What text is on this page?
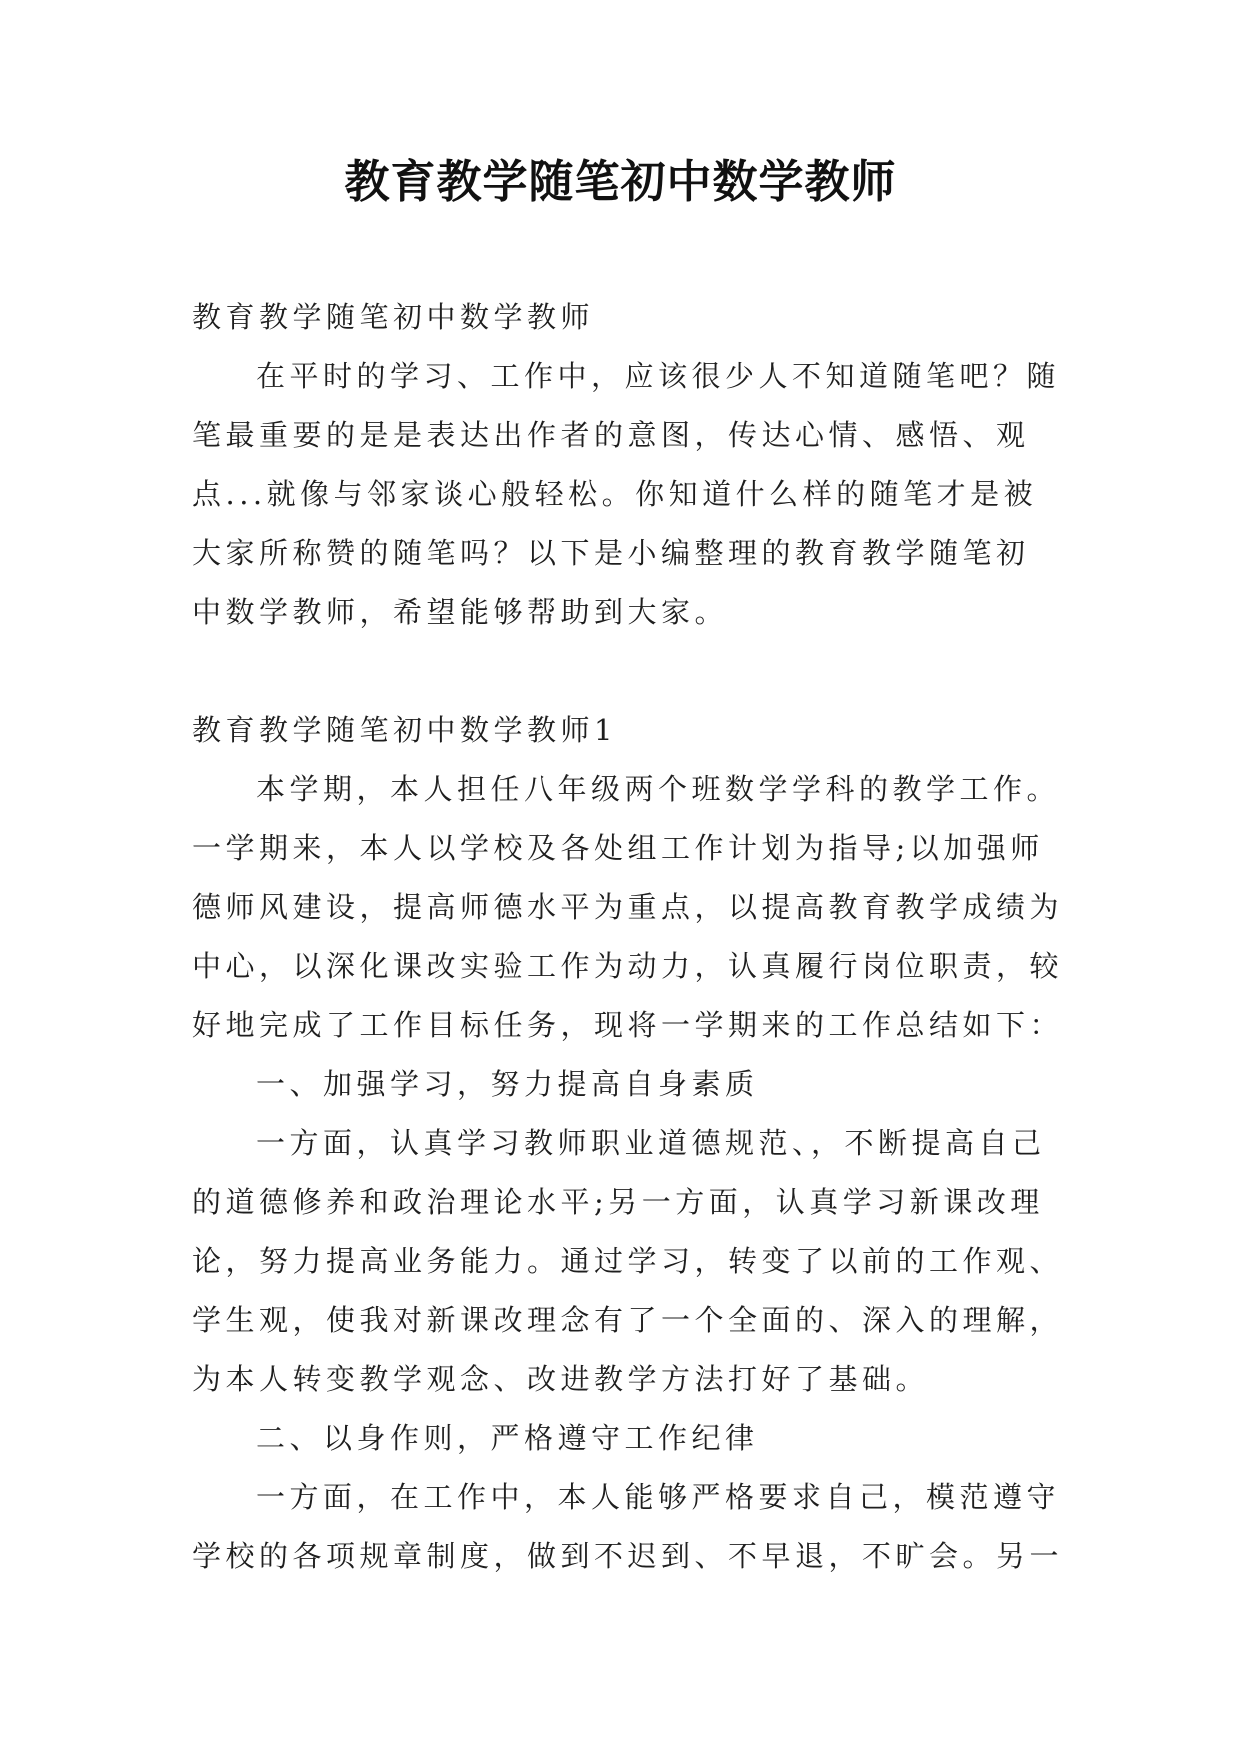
教育教学随笔初中数学教师

教育教学随笔初中数学教师

在平时的学习、工作中，应该很少人不知道随笔吧？随

笔最重要的是是表达出作者的意图，传达心情、感悟、观

点...就像与邻家谈心般轻松。你知道什么样的随笔才是被

大家所称赞的随笔吗？以下是小编整理的教育教学随笔初

中数学教师，希望能够帮助到大家。

教育教学随笔初中数学教师1

本学期，本人担任八年级两个班数学学科的教学工作。

一学期来，本人以学校及各处组工作计划为指导;以加强师

德师风建设，提高师德水平为重点，以提高教育教学成绩为

中心，以深化课改实验工作为动力，认真履行岗位职责，较

好地完成了工作目标任务，现将一学期来的工作总结如下：

一、加强学习，努力提高自身素质

一方面，认真学习教师职业道德规范、，不断提高自己

的道德修养和政治理论水平;另一方面，认真学习新课改理

论，努力提高业务能力。通过学习，转变了以前的工作观、

学生观，使我对新课改理念有了一个全面的、深入的理解，

为本人转变教学观念、改进教学方法打好了基础。

二、以身作则，严格遵守工作纪律

一方面，在工作中，本人能够严格要求自己，模范遵守

学校的各项规章制度，做到不迟到、不早退，不旷会。另一
